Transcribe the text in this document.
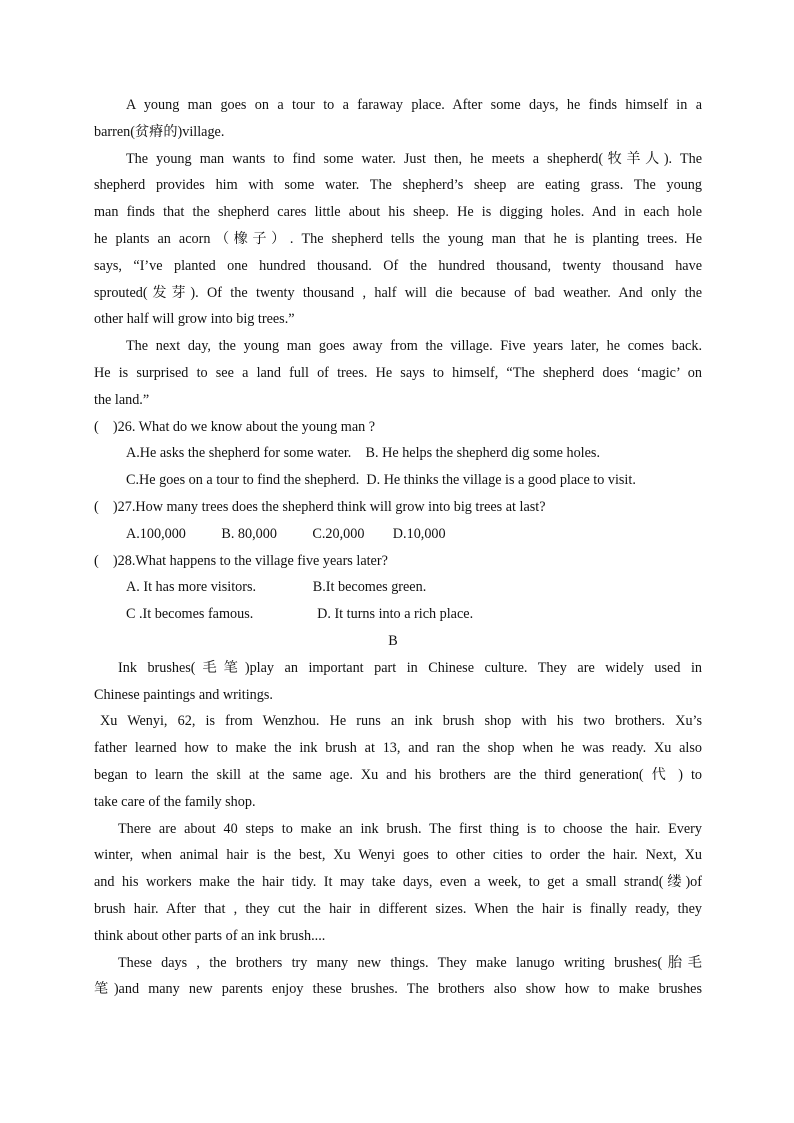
A young man goes on a tour to a faraway place. After some days, he finds himself in a
barren(贫瘠的)village.
The young man wants to find some water. Just then, he meets a shepherd(牧羊人). The
shepherd provides him with some water. The shepherd’s sheep are eating grass. The young
man finds that the shepherd cares little about his sheep. He is digging holes. And in each hole
he plants an acorn（橡子）. The shepherd tells the young man that he is planting trees. He
says, “I’ve planted one hundred thousand. Of the hundred thousand, twenty thousand have
sprouted(发芽). Of the twenty thousand , half will die because of bad weather. And only the
other half will grow into big trees.”
The next day, the young man goes away from the village. Five years later, he comes back.
He is surprised to see a land full of trees. He says to himself, “The shepherd does ‘magic’ on
the land.”
(    )26. What do we know about the young man ?
A.He asks the shepherd for some water.    B. He helps the shepherd dig some holes.
C.He goes on a tour to find the shepherd.  D. He thinks the village is a good place to visit.
(    )27.How many trees does the shepherd think will grow into big trees at last?
A.100,000          B. 80,000          C.20,000        D.10,000
(    )28.What happens to the village five years later?
A. It has more visitors.                B.It becomes green.
C .It becomes famous.                  D. It turns into a rich place.
B
Ink brushes(毛笔)play an important part in Chinese culture. They are widely used in
Chinese paintings and writings.
Xu Wenyi, 62, is from Wenzhou. He runs an ink brush shop with his two brothers. Xu’s
father learned how to make the ink brush at 13, and ran the shop when he was ready. Xu also
began to learn the skill at the same age. Xu and his brothers are the third generation( 代 ) to
take care of the family shop.
There are about 40 steps to make an ink brush. The first thing is to choose the hair. Every
winter, when animal hair is the best, Xu Wenyi goes to other cities to order the hair. Next, Xu
and his workers make the hair tidy. It may take days, even a week, to get a small strand(缕)of
brush hair. After that , they cut the hair in different sizes. When the hair is finally ready, they
think about other parts of an ink brush....
These days , the brothers try many new things. They make lanugo writing brushes(胎毛
笔)and many new parents enjoy these brushes. The brothers also show how to make brushes
